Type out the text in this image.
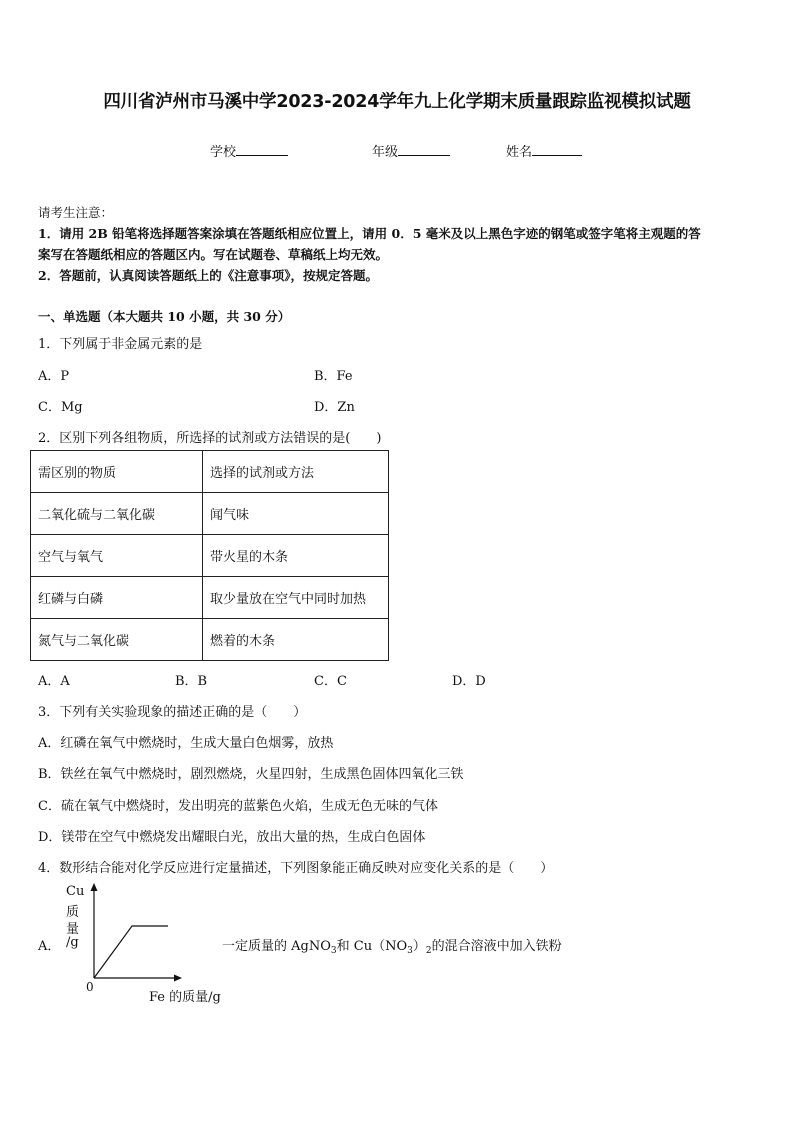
四川省泸州市马溪中学2023-2024学年九上化学期末质量跟踪监视模拟试题
学校	年级	姓名
请考生注意：
1．请用 2B 铅笔将选择题答案涂填在答题纸相应位置上，请用 0．5 毫米及以上黑色字迹的钢笔或签字笔将主观题的答
案写在答题纸相应的答题区内。写在试题卷、草稿纸上均无效。
2．答题前，认真阅读答题纸上的《注意事项》，按规定答题。
一、单选题（本大题共 10 小题，共 30 分）
1．下列属于非金属元素的是
A．P	B．Fe
C．Mg	D．Zn
2．区别下列各组物质，所选择的试剂或方法错误的是(　　)
需区别的物质	选择的试剂或方法
二氧化硫与二氧化碳	闻气味
空气与氧气	带火星的木条
红磷与白磷	取少量放在空气中同时加热
氮气与二氧化碳	燃着的木条
A．A	B．B	C．C	D．D
3．下列有关实验现象的描述正确的是（　　）
A．红磷在氧气中燃烧时，生成大量白色烟雾，放热
B．铁丝在氧气中燃烧时，剧烈燃烧，火星四射，生成黑色固体四氧化三铁
C．硫在氧气中燃烧时，发出明亮的蓝紫色火焰，生成无色无味的气体
D．镁带在空气中燃烧发出耀眼白光，放出大量的热，生成白色固体
4．数形结合能对化学反应进行定量描述，下列图象能正确反映对应变化关系的是（　　）
A．
Cu
质
量
/g
0
Fe 的质量/g
一定质量的 AgNO$_3$和 $Cu(NO_3)_2$的混合溶液中加入铁粉
